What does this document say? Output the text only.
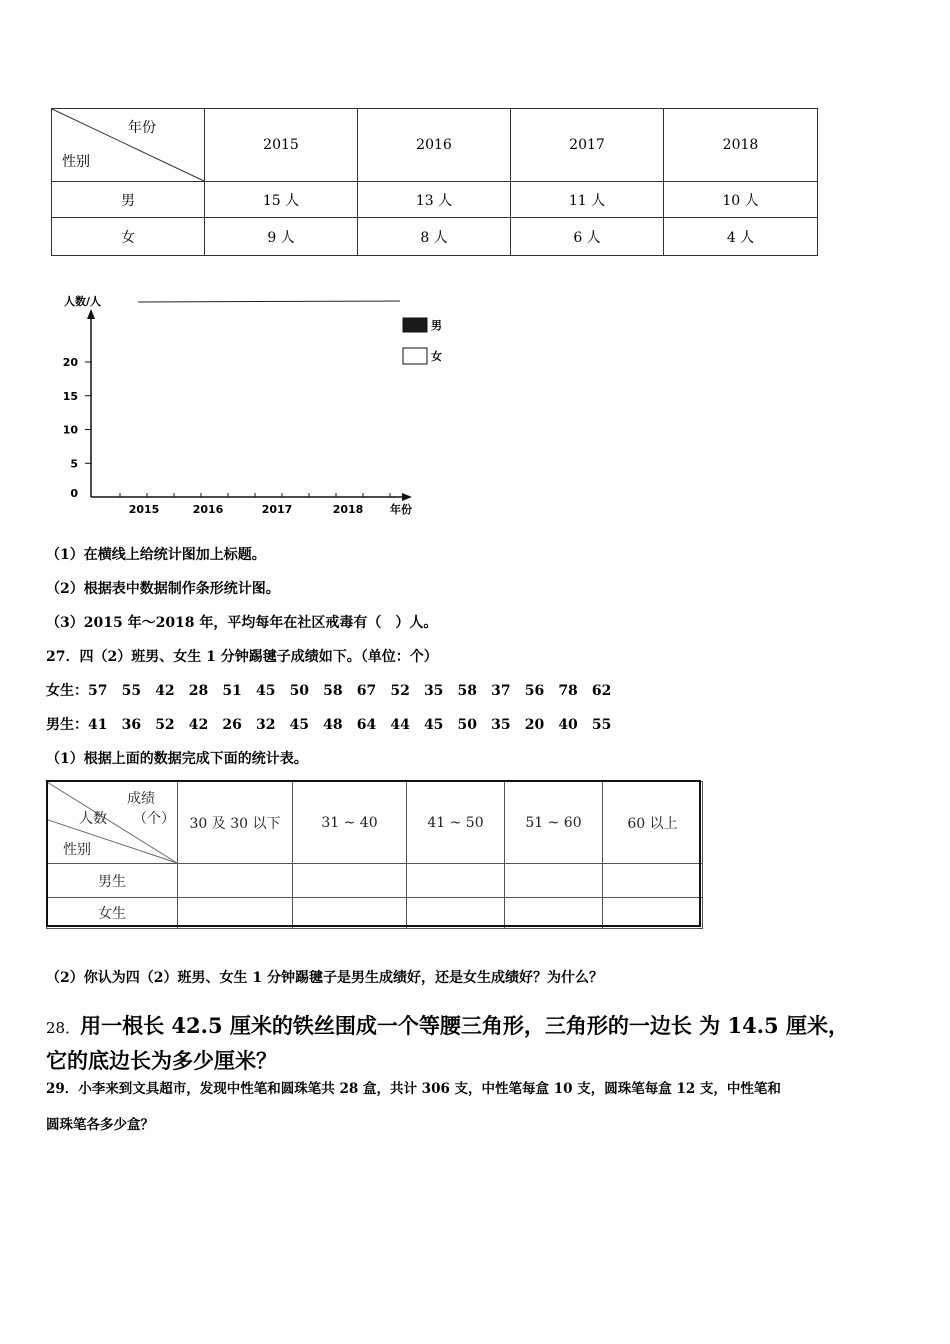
年份
性别	2015	2016	2017	2018
男	15 人	13 人	11 人	10 人
女	9 人	8 人	6 人	4 人
人数/人
年份
0
5
10
15
20
2015	2016	2017	2018
男
女
（1）在横线上给统计图加上标题。
（2）根据表中数据制作条形统计图。
（3）2015 年～2018 年，平均每年在社区戒毒有（　）人。
27．四（2）班男、女生 1 分钟踢毽子成绩如下。（单位：个）
女生：57 55 42 28 51 45 50 58 67 52 35 58 37 56 78 62
男生：41 36 52 42 26 32 45 48 64 44 45 50 35 20 40 55
（1）根据上面的数据完成下面的统计表。
成绩
（个）
人数
性别	30 及 30 以下	31 ~ 40	41 ~ 50	51 ~ 60	60 以上
男生					
女生					
（2）你认为四（2）班男、女生 1 分钟踢毽子是男生成绩好，还是女生成绩好？为什么？
28．用一根长 42.5 厘米的铁丝围成一个等腰三角形，三角形的一边长 为 14.5 厘米，
它的底边长为多少厘米？
29．小李来到文具超市，发现中性笔和圆珠笔共 28 盒，共计 306 支，中性笔每盒 10 支，圆珠笔每盒 12 支，中性笔和
圆珠笔各多少盒？
